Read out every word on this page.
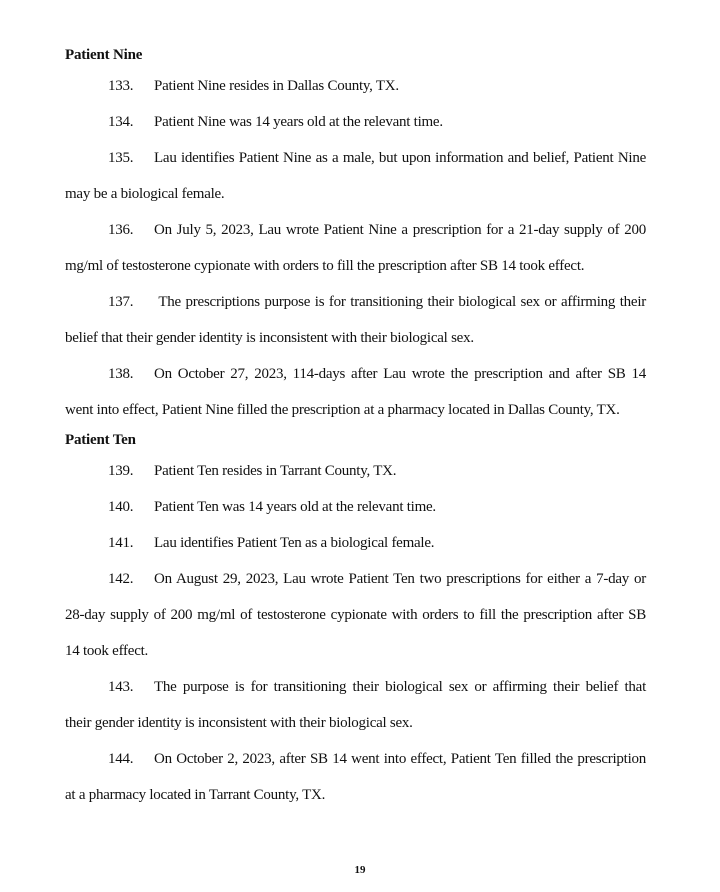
Patient Nine

133. Patient Nine resides in Dallas County, TX.

134. Patient Nine was 14 years old at the relevant time.

135. Lau identifies Patient Nine as a male, but upon information and belief, Patient Nine
may be a biological female.

136. On July 5, 2023, Lau wrote Patient Nine a prescription for a 21-day supply of 200
mg/ml of testosterone cypionate with orders to fill the prescription after SB 14 took effect.

137. The prescriptions purpose is for transitioning their biological sex or affirming their
belief that their gender identity is inconsistent with their biological sex.

138. On October 27, 2023, 114-days after Lau wrote the prescription and after SB 14
went into effect, Patient Nine filled the prescription at a pharmacy located in Dallas County, TX.

Patient Ten

139. Patient Ten resides in Tarrant County, TX.

140. Patient Ten was 14 years old at the relevant time.

141. Lau identifies Patient Ten as a biological female.

142. On August 29, 2023, Lau wrote Patient Ten two prescriptions for either a 7-day or
28-day supply of 200 mg/ml of testosterone cypionate with orders to fill the prescription after SB
14 took effect.

143. The purpose is for transitioning their biological sex or affirming their belief that
their gender identity is inconsistent with their biological sex.

144. On October 2, 2023, after SB 14 went into effect, Patient Ten filled the prescription
at a pharmacy located in Tarrant County, TX.

19
